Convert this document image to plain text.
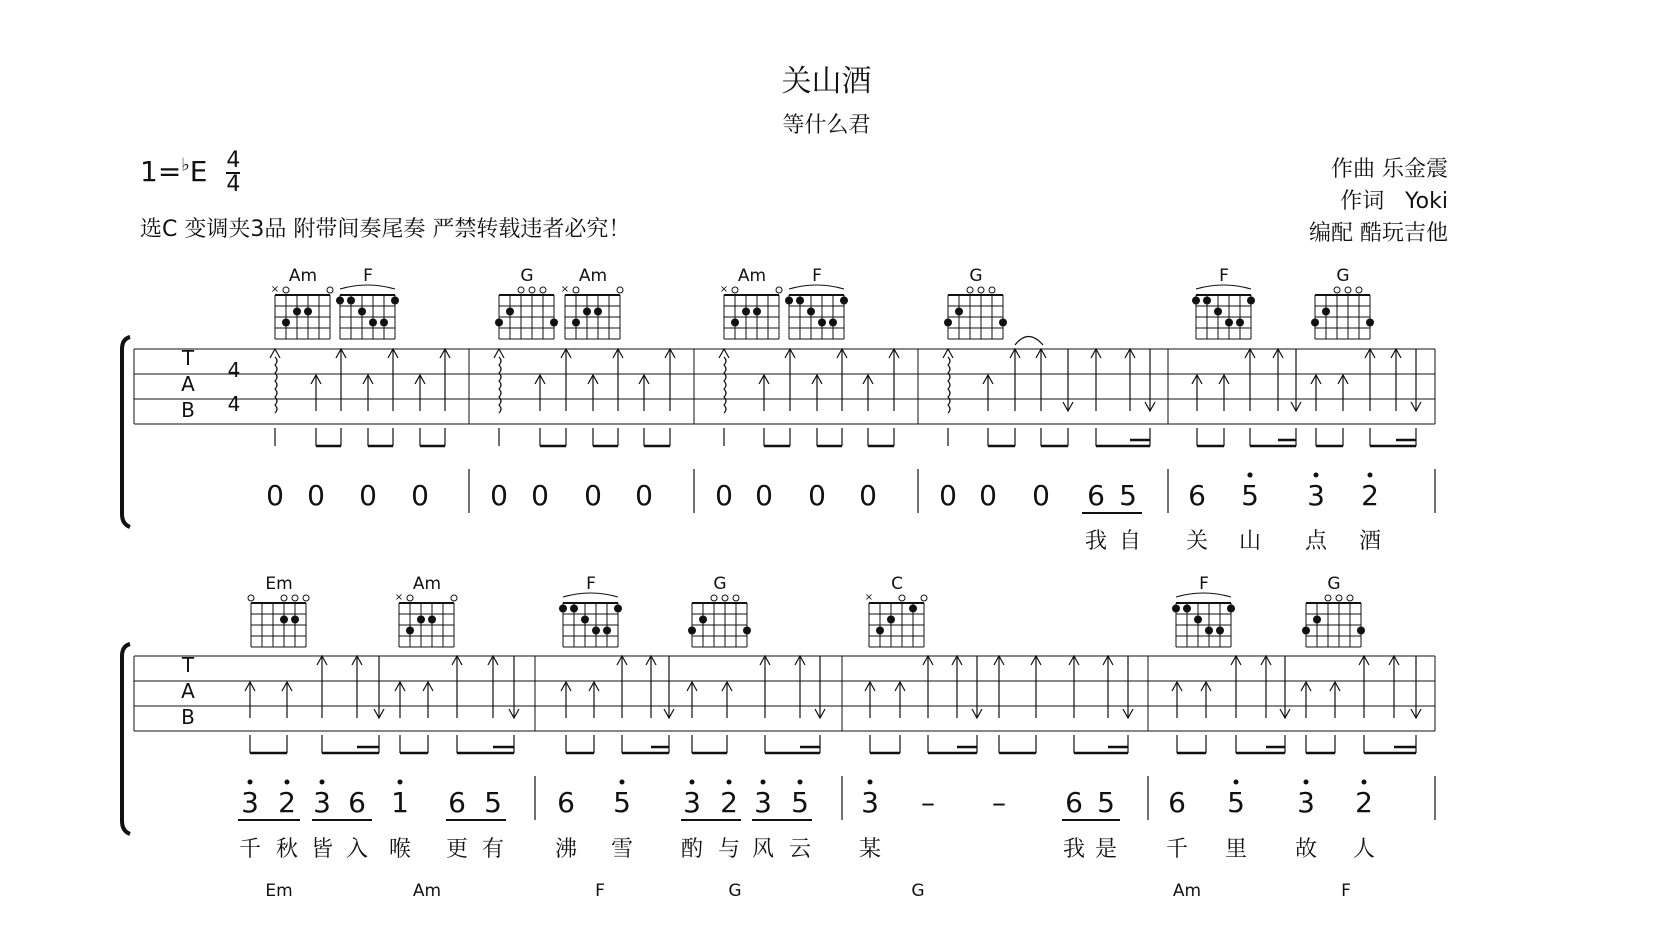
关山酒
等什么君
$1=^♭E \frac{4}{4}$
选C 变调夹3品 附带间奏尾奏 严禁转载违者必究！
作曲 乐金震
作词   Yoki
编配 酷玩吉他
T
A
B
4
4
0 0 0 0 0 0 0 0 0 0 0 0 0 0 0 6 5 6 5 3 2
我 自 关 山 点 酒
Am
×
F	G	Am
×
Am
×
F	G	F	G
T
A
B
3 2 3 6 1 6 5 6 5 3 2 3 5 3 – – 6 5 6 5 3 2
千 秋 皆 入 喉 更 有 沸 雪 酌 与 风 云 某	我 是 千 里 故 人
Em	Am
×
F	G	C
×
F	G
Em	Am	F	G	G	Am	F
